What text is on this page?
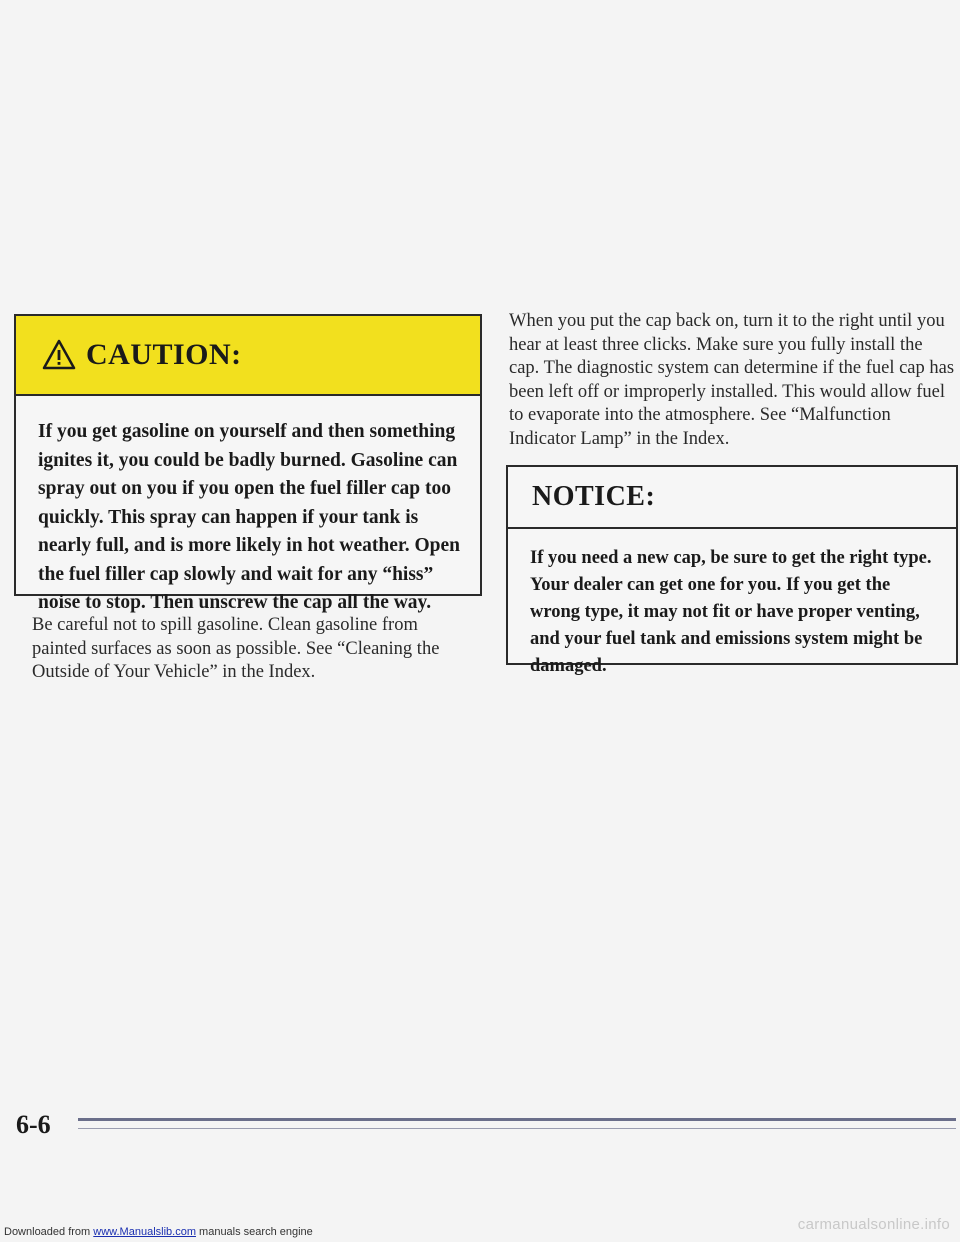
CAUTION:
If you get gasoline on yourself and then something ignites it, you could be badly burned. Gasoline can spray out on you if you open the fuel filler cap too quickly. This spray can happen if your tank is nearly full, and is more likely in hot weather. Open the fuel filler cap slowly and wait for any “hiss” noise to stop. Then unscrew the cap all the way.
Be careful not to spill gasoline. Clean gasoline from painted surfaces as soon as possible. See “Cleaning the Outside of Your Vehicle” in the Index.
When you put the cap back on, turn it to the right until you hear at least three clicks. Make sure you fully install the cap. The diagnostic system can determine if the fuel cap has been left off or improperly installed. This would allow fuel to evaporate into the atmosphere. See “Malfunction Indicator Lamp” in the Index.
NOTICE:
If you need a new cap, be sure to get the right type. Your dealer can get one for you. If you get the wrong type, it may not fit or have proper venting, and your fuel tank and emissions system might be damaged.
6-6
Downloaded from www.Manualslib.com manuals search engine	carmanualsonline.info
